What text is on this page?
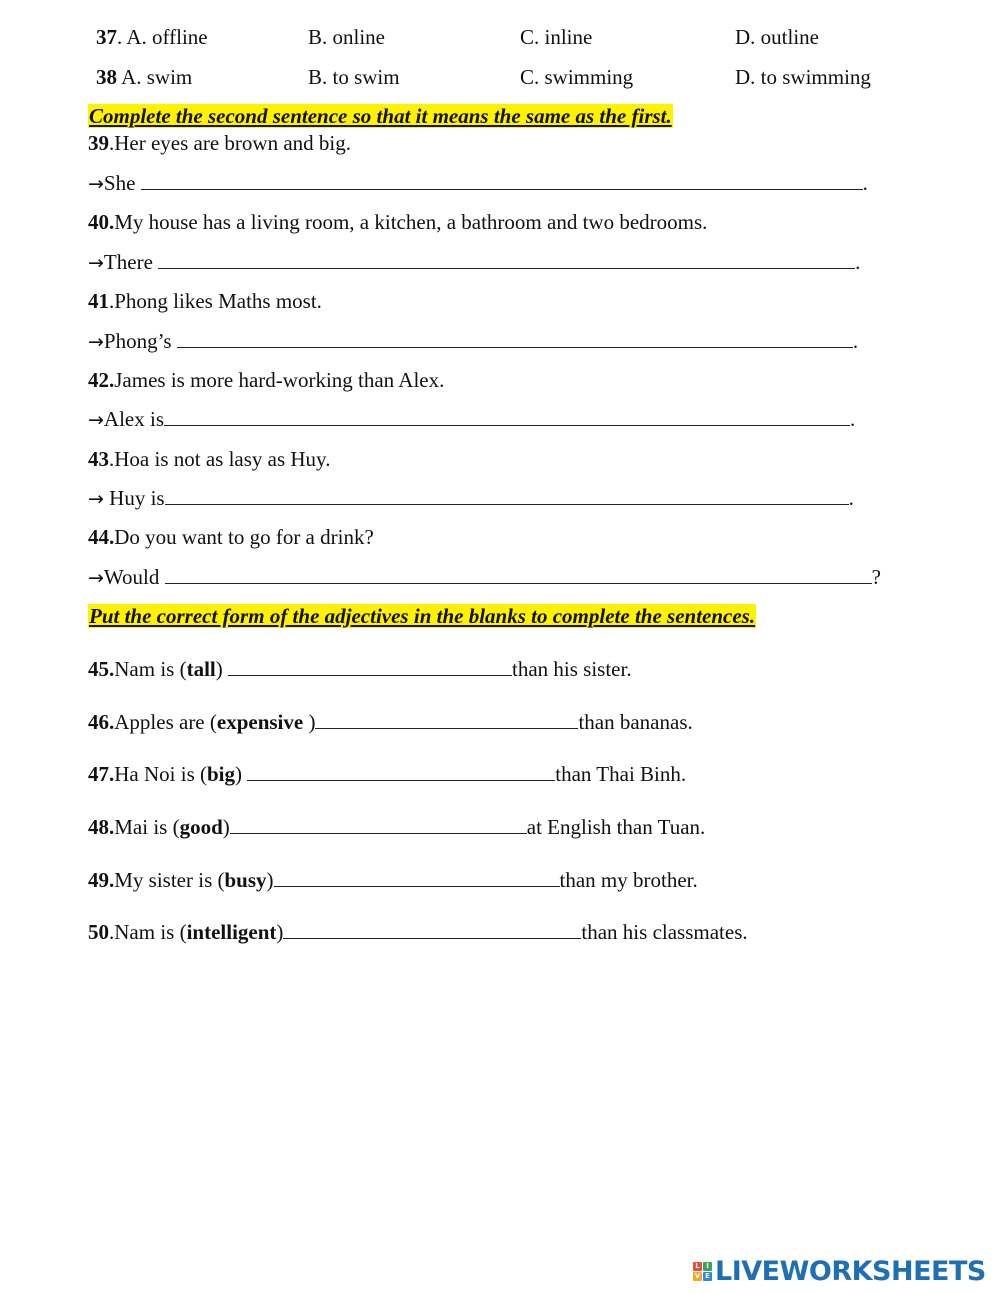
37. A. offline	B. online	C. inline	D. outline
38 A. swim	B. to swim	C. swimming	D. to swimming
Complete the second sentence so that it means the same as the first.
39.Her eyes are brown and big.
→She	.
40.My house has a living room, a kitchen, a bathroom and two bedrooms.
→There	.
41.Phong likes Maths most.
→Phong’s	.
42.James is more hard-working than Alex.
→Alex is	.
43.Hoa is not as lasy as Huy.
→ Huy is	.
44.Do you want to go for a drink?
→Would	?
Put the correct form of the adjectives in the blanks to complete the sentences.
45.Nam is (tall)	than his sister.
46.Apples are (expensive )	than bananas.
47.Ha Noi is (big)	than Thai Binh.
48.Mai is (good)	at English than Tuan.
49.My sister is (busy)	than my brother.
50.Nam is (intelligent)	than his classmates.
L I
V E LIVEWORKSHEETS
